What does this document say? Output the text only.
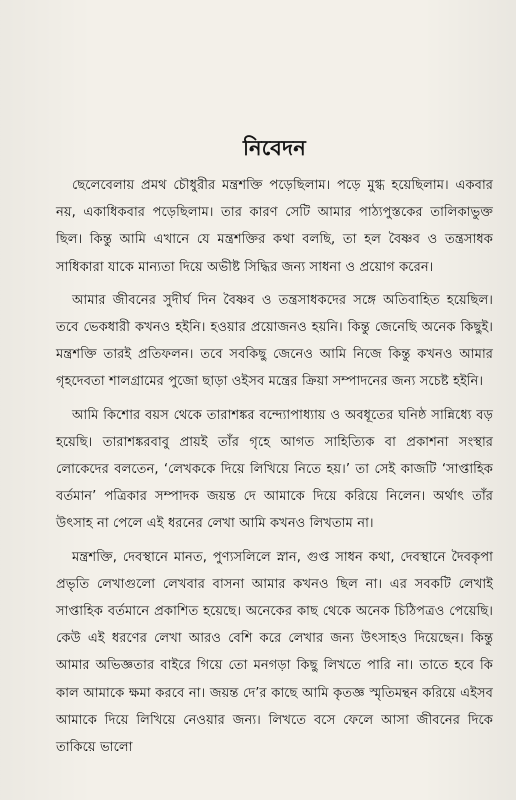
নিবেদন

ছেলেবেলায় প্রমথ চৌধুরীর মন্ত্রশক্তি পড়েছিলাম। পড়ে মুগ্ধ হয়েছিলাম। একবার নয়, একাধিকবার পড়েছিলাম। তার কারণ সেটি আমার পাঠ্যপুস্তকের তালিকাভুক্ত ছিল। কিন্তু আমি এখানে যে মন্ত্রশক্তির কথা বলছি, তা হল বৈষ্ণব ও তন্ত্রসাধক সাধিকারা যাকে মান্যতা দিয়ে অভীষ্ট সিদ্ধির জন্য সাধনা ও প্রয়োগ করেন।

আমার জীবনের সুদীর্ঘ দিন বৈষ্ণব ও তন্ত্রসাধকদের সঙ্গে অতিবাহিত হয়েছিল। তবে ভেকধারী কখনও হইনি। হওয়ার প্রয়োজনও হয়নি। কিন্তু জেনেছি অনেক কিছুই। মন্ত্রশক্তি তারই প্রতিফলন। তবে সবকিছু জেনেও আমি নিজে কিন্তু কখনও আমার গৃহদেবতা শালগ্রামের পুজো ছাড়া ওইসব মন্ত্রের ক্রিয়া সম্পাদনের জন্য সচেষ্ট হইনি।

আমি কিশোর বয়স থেকে তারাশঙ্কর বন্দ্যোপাধ্যায় ও অবধূতের ঘনিষ্ঠ সান্নিধ্যে বড় হয়েছি। তারাশঙ্করবাবু প্রায়ই তাঁর গৃহে আগত সাহিত্যিক বা প্রকাশনা সংস্থার লোকেদের বলতেন, ‘লেখককে দিয়ে লিখিয়ে নিতে হয়।’ তা সেই কাজটি ‘সাপ্তাহিক বর্তমান’ পত্রিকার সম্পাদক জয়ন্ত দে আমাকে দিয়ে করিয়ে নিলেন। অর্থাৎ তাঁর উৎসাহ না পেলে এই ধরনের লেখা আমি কখনও লিখতাম না।

মন্ত্রশক্তি, দেবস্থানে মানত, পুণ্যসলিলে স্নান, গুপ্ত সাধন কথা, দেবস্থানে দৈবকৃপা প্রভৃতি লেখাগুলো লেখবার বাসনা আমার কখনও ছিল না। এর সবকটি লেখাই সাপ্তাহিক বর্তমানে প্রকাশিত হয়েছে। অনেকের কাছ থেকে অনেক চিঠিপত্রও পেয়েছি। কেউ এই ধরণের লেখা আরও বেশি করে লেখার জন্য উৎসাহও দিয়েছেন। কিন্তু আমার অভিজ্ঞতার বাইরে গিয়ে তো মনগড়া কিছু লিখতে পারি না। তাতে হবে কি কাল আমাকে ক্ষমা করবে না। জয়ন্ত দে’র কাছে আমি কৃতজ্ঞ স্মৃতিমন্থন করিয়ে এইসব আমাকে দিয়ে লিখিয়ে নেওয়ার জন্য। লিখতে বসে ফেলে আসা জীবনের দিকে তাকিয়ে ভালো
